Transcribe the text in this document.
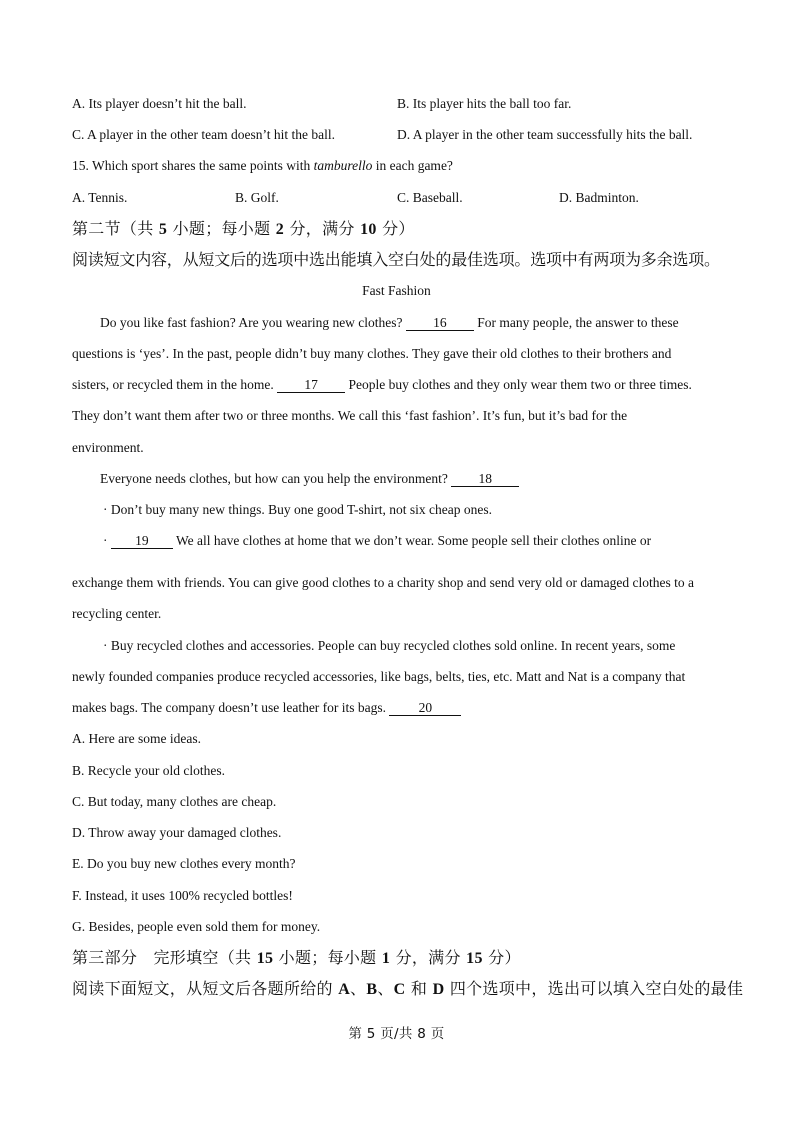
A. Its player doesn’t hit the ball.	B. Its player hits the ball too far.
C. A player in the other team doesn’t hit the ball.	D. A player in the other team successfully hits the ball.
15. Which sport shares the same points with tamburello in each game?
A. Tennis.	B. Golf.	C. Baseball.	D. Badminton.
第二节（共 5 小题；每小题 2 分，满分 10 分）
阅读短文内容，从短文后的选项中选出能填入空白处的最佳选项。选项中有两项为多余选项。
Fast Fashion
Do you like fast fashion? Are you wearing new clothes? 16 For many people, the answer to these
questions is ‘yes’. In the past, people didn’t buy many clothes. They gave their old clothes to their brothers and
sisters, or recycled them in the home. 17 People buy clothes and they only wear them two or three times.
They don’t want them after two or three months. We call this ‘fast fashion’. It’s fun, but it’s bad for the
environment.
Everyone needs clothes, but how can you help the environment? 18
· Don’t buy many new things. Buy one good T-shirt, not six cheap ones.
· 19 We all have clothes at home that we don’t wear. Some people sell their clothes online or
exchange them with friends. You can give good clothes to a charity shop and send very old or damaged clothes to a
recycling center.
· Buy recycled clothes and accessories. People can buy recycled clothes sold online. In recent years, some
newly founded companies produce recycled accessories, like bags, belts, ties, etc. Matt and Nat is a company that
makes bags. The company doesn’t use leather for its bags. 20
A. Here are some ideas.
B. Recycle your old clothes.
C. But today, many clothes are cheap.
D. Throw away your damaged clothes.
E. Do you buy new clothes every month?
F. Instead, it uses 100% recycled bottles!
G. Besides, people even sold them for money.
第三部分　完形填空（共 15 小题；每小题 1 分，满分 15 分）
阅读下面短文，从短文后各题所给的 A、B、C 和 D 四个选项中，选出可以填入空白处的最佳
第 5 页/共 8 页
